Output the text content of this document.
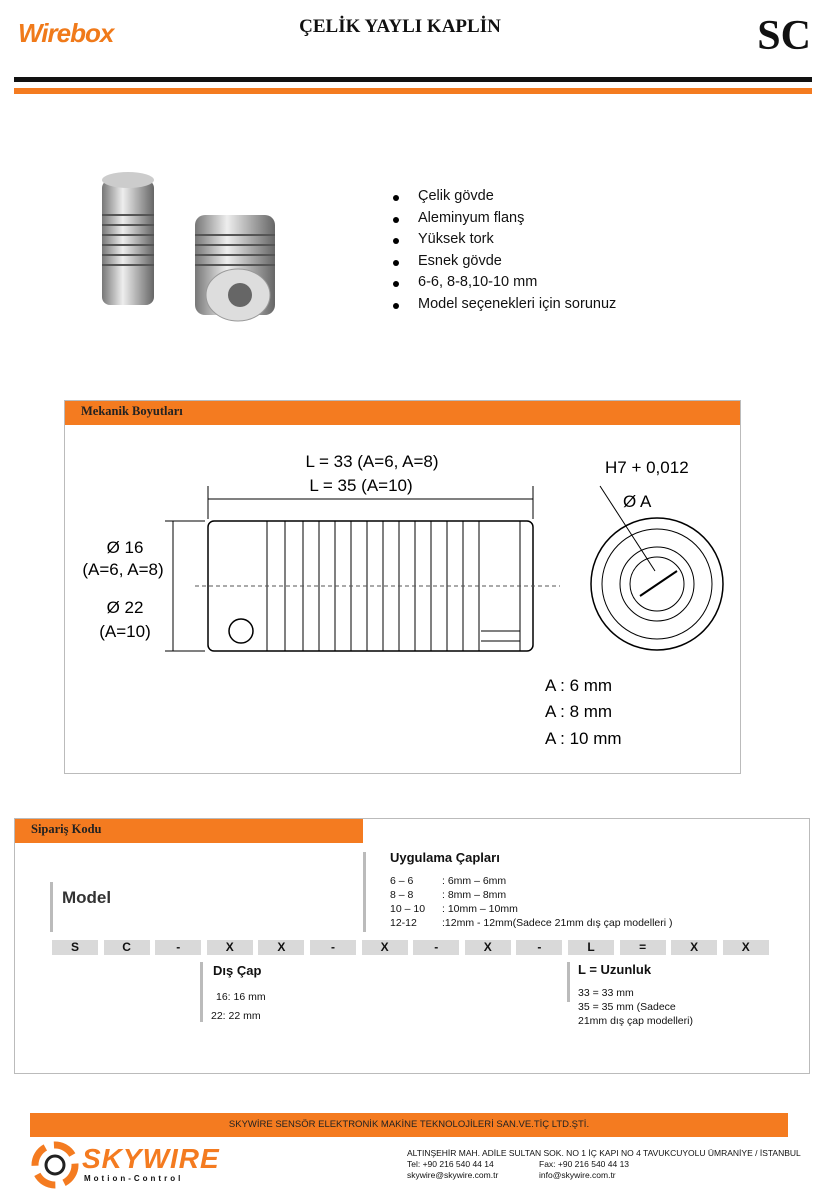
Wirebox	ÇELİK YAYLI KAPLİN	SC
Çelik gövde
Aleminyum flanş
Yüksek tork
Esnek gövde
6-6, 8-8,10-10 mm
Model seçenekleri için sorunuz
Mekanik Boyutları
L = 33 (A=6, A=8)
L = 35 (A=10)
Ø 16
(A=6, A=8)
Ø 22
(A=10)
H7 + 0,012
Ø A
A : 6 mm
A : 8 mm
A : 10 mm
Sipariş Kodu
Model
Uygulama Çapları
6 – 6	: 6mm – 6mm
8 – 8	: 8mm – 8mm
10 – 10 : 10mm – 10mm
12-12 :12mm - 12mm(Sadece 21mm dış çap modelleri )
S	C	-	X	X	-	X	-	X	-	L	=	X	X
Dış Çap
16: 16 mm
22: 22 mm
L = Uzunluk
33 = 33 mm
35 = 35 mm (Sadece
21mm dış çap modelleri)
SKYWİRE SENSÖR ELEKTRONİK MAKİNE TEKNOLOJİLERİ SAN.VE.TİÇ LTD.ŞTİ.
SKYWIRE
Motion-Control
ALTINŞEHİR MAH. ADİLE SULTAN SOK. NO 1 İÇ KAPI NO 4 TAVUKCUYOLU ÜMRANİYE / İSTANBUL
Tel: +90 216 540 44 14	Fax: +90 216 540 44 13
skywire@skywire.com.tr	info@skywire.com.tr
